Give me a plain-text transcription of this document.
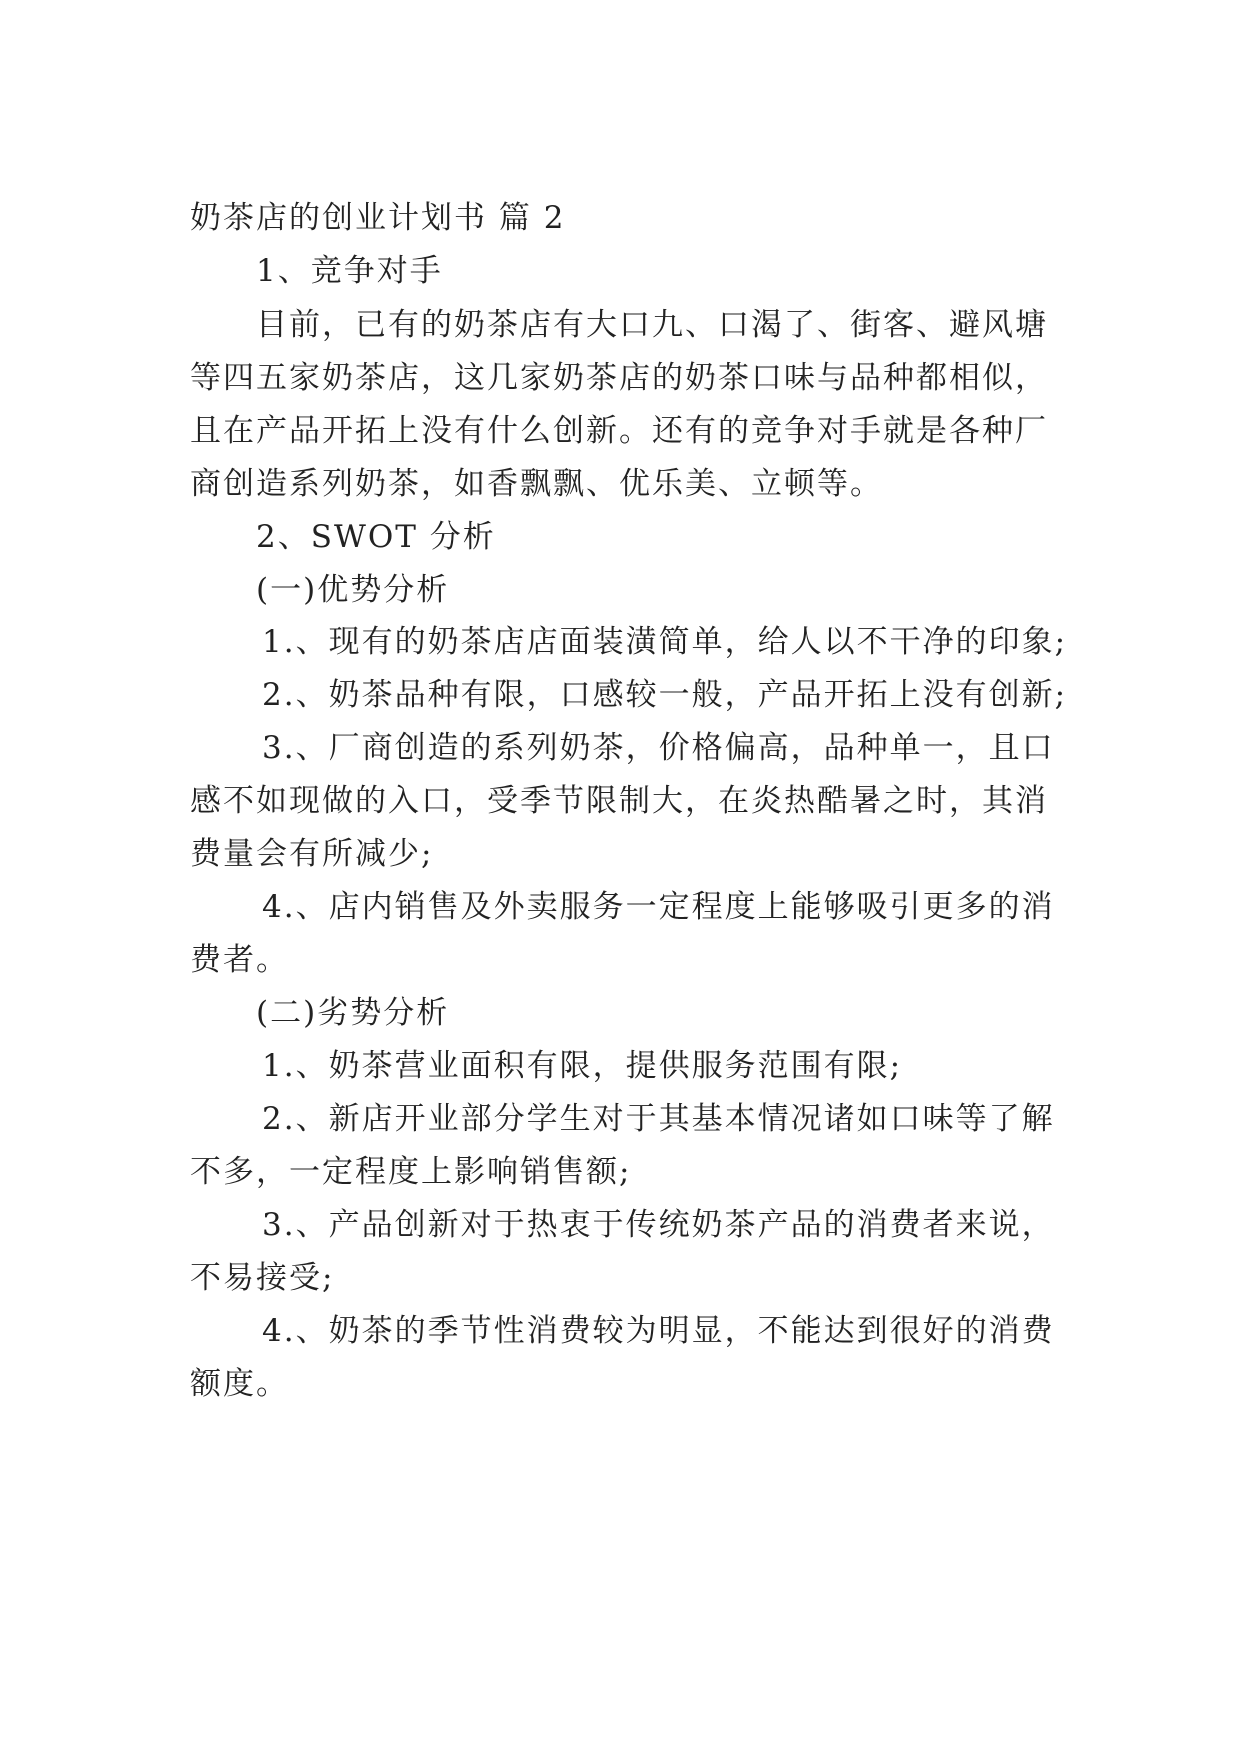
奶茶店的创业计划书 篇 2
1、竞争对手
目前，已有的奶茶店有大口九、口渴了、街客、避风塘
等四五家奶茶店，这几家奶茶店的奶茶口味与品种都相似，
且在产品开拓上没有什么创新。还有的竞争对手就是各种厂
商创造系列奶茶，如香飘飘、优乐美、立顿等。
2、SWOT 分析
(一)优势分析
1.、现有的奶茶店店面装潢简单，给人以不干净的印象;
2.、奶茶品种有限，口感较一般，产品开拓上没有创新;
3.、厂商创造的系列奶茶，价格偏高，品种单一，且口
感不如现做的入口，受季节限制大，在炎热酷暑之时，其消
费量会有所减少;
4.、店内销售及外卖服务一定程度上能够吸引更多的消
费者。
(二)劣势分析
1.、奶茶营业面积有限，提供服务范围有限;
2.、新店开业部分学生对于其基本情况诸如口味等了解
不多，一定程度上影响销售额;
3.、产品创新对于热衷于传统奶茶产品的消费者来说，
不易接受;
4.、奶茶的季节性消费较为明显，不能达到很好的消费
额度。
